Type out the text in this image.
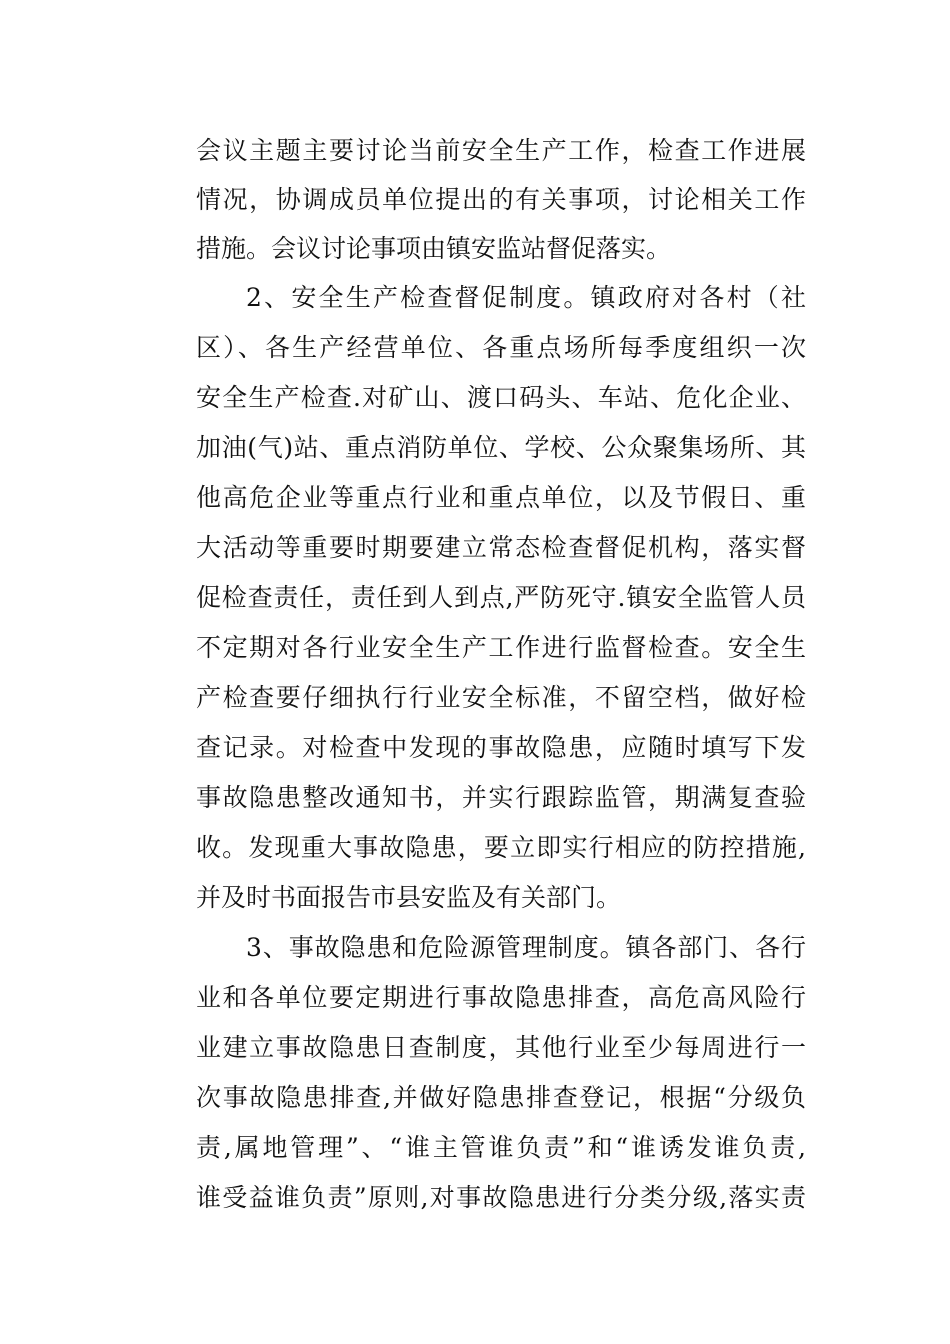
会议主题主要讨论当前安全生产工作，检查工作进展
情况，协调成员单位提出的有关事项，讨论相关工作
措施。会议讨论事项由镇安监站督促落实。
2、安全生产检查督促制度。镇政府对各村（社
区）、各生产经营单位、各重点场所每季度组织一次
安全生产检查.对矿山、渡口码头、车站、危化企业、
加油(气)站、重点消防单位、学校、公众聚集场所、其
他高危企业等重点行业和重点单位，以及节假日、重
大活动等重要时期要建立常态检查督促机构，落实督
促检查责任，责任到人到点,严防死守.镇安全监管人员
不定期对各行业安全生产工作进行监督检查。安全生
产检查要仔细执行行业安全标准，不留空档，做好检
查记录。对检查中发现的事故隐患，应随时填写下发
事故隐患整改通知书，并实行跟踪监管，期满复查验
收。发现重大事故隐患，要立即实行相应的防控措施,
并及时书面报告市县安监及有关部门。
3、事故隐患和危险源管理制度。镇各部门、各行
业和各单位要定期进行事故隐患排查，高危高风险行
业建立事故隐患日查制度，其他行业至少每周进行一
次事故隐患排查,并做好隐患排查登记，根据“分级负
责,属地管理”、“谁主管谁负责”和“谁诱发谁负责,
谁受益谁负责”原则,对事故隐患进行分类分级,落实责
